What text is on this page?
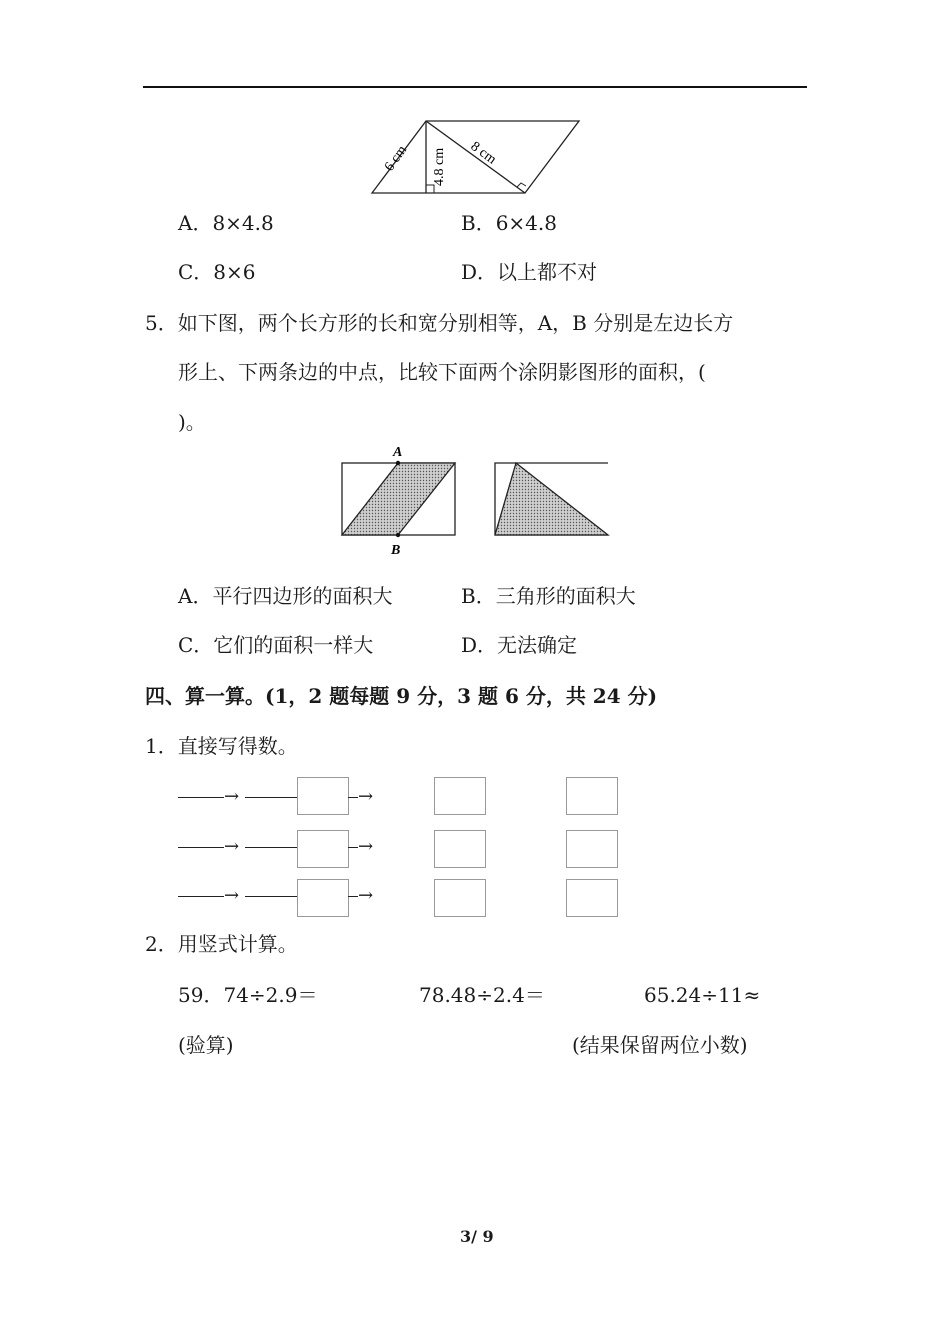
6 cm 4.8 cm 8 cm
A．8×4.8	B．6×4.8
C．8×6	D．以上都不对
5．如下图，两个长方形的长和宽分别相等，A，B 分别是左边长方
形上、下两条边的中点，比较下面两个涂阴影图形的面积，(
)。
A
B
A．平行四边形的面积大	B．三角形的面积大
C．它们的面积一样大	D．无法确定
四、算一算。(1，2 题每题 9 分，3 题 6 分，共 24 分)
1．直接写得数。
→	→
→	→
→	→
2．用竖式计算。
59．74÷2.9＝	78.48÷2.4＝	65.24÷11≈
(验算)	(结果保留两位小数)
3/ 9
